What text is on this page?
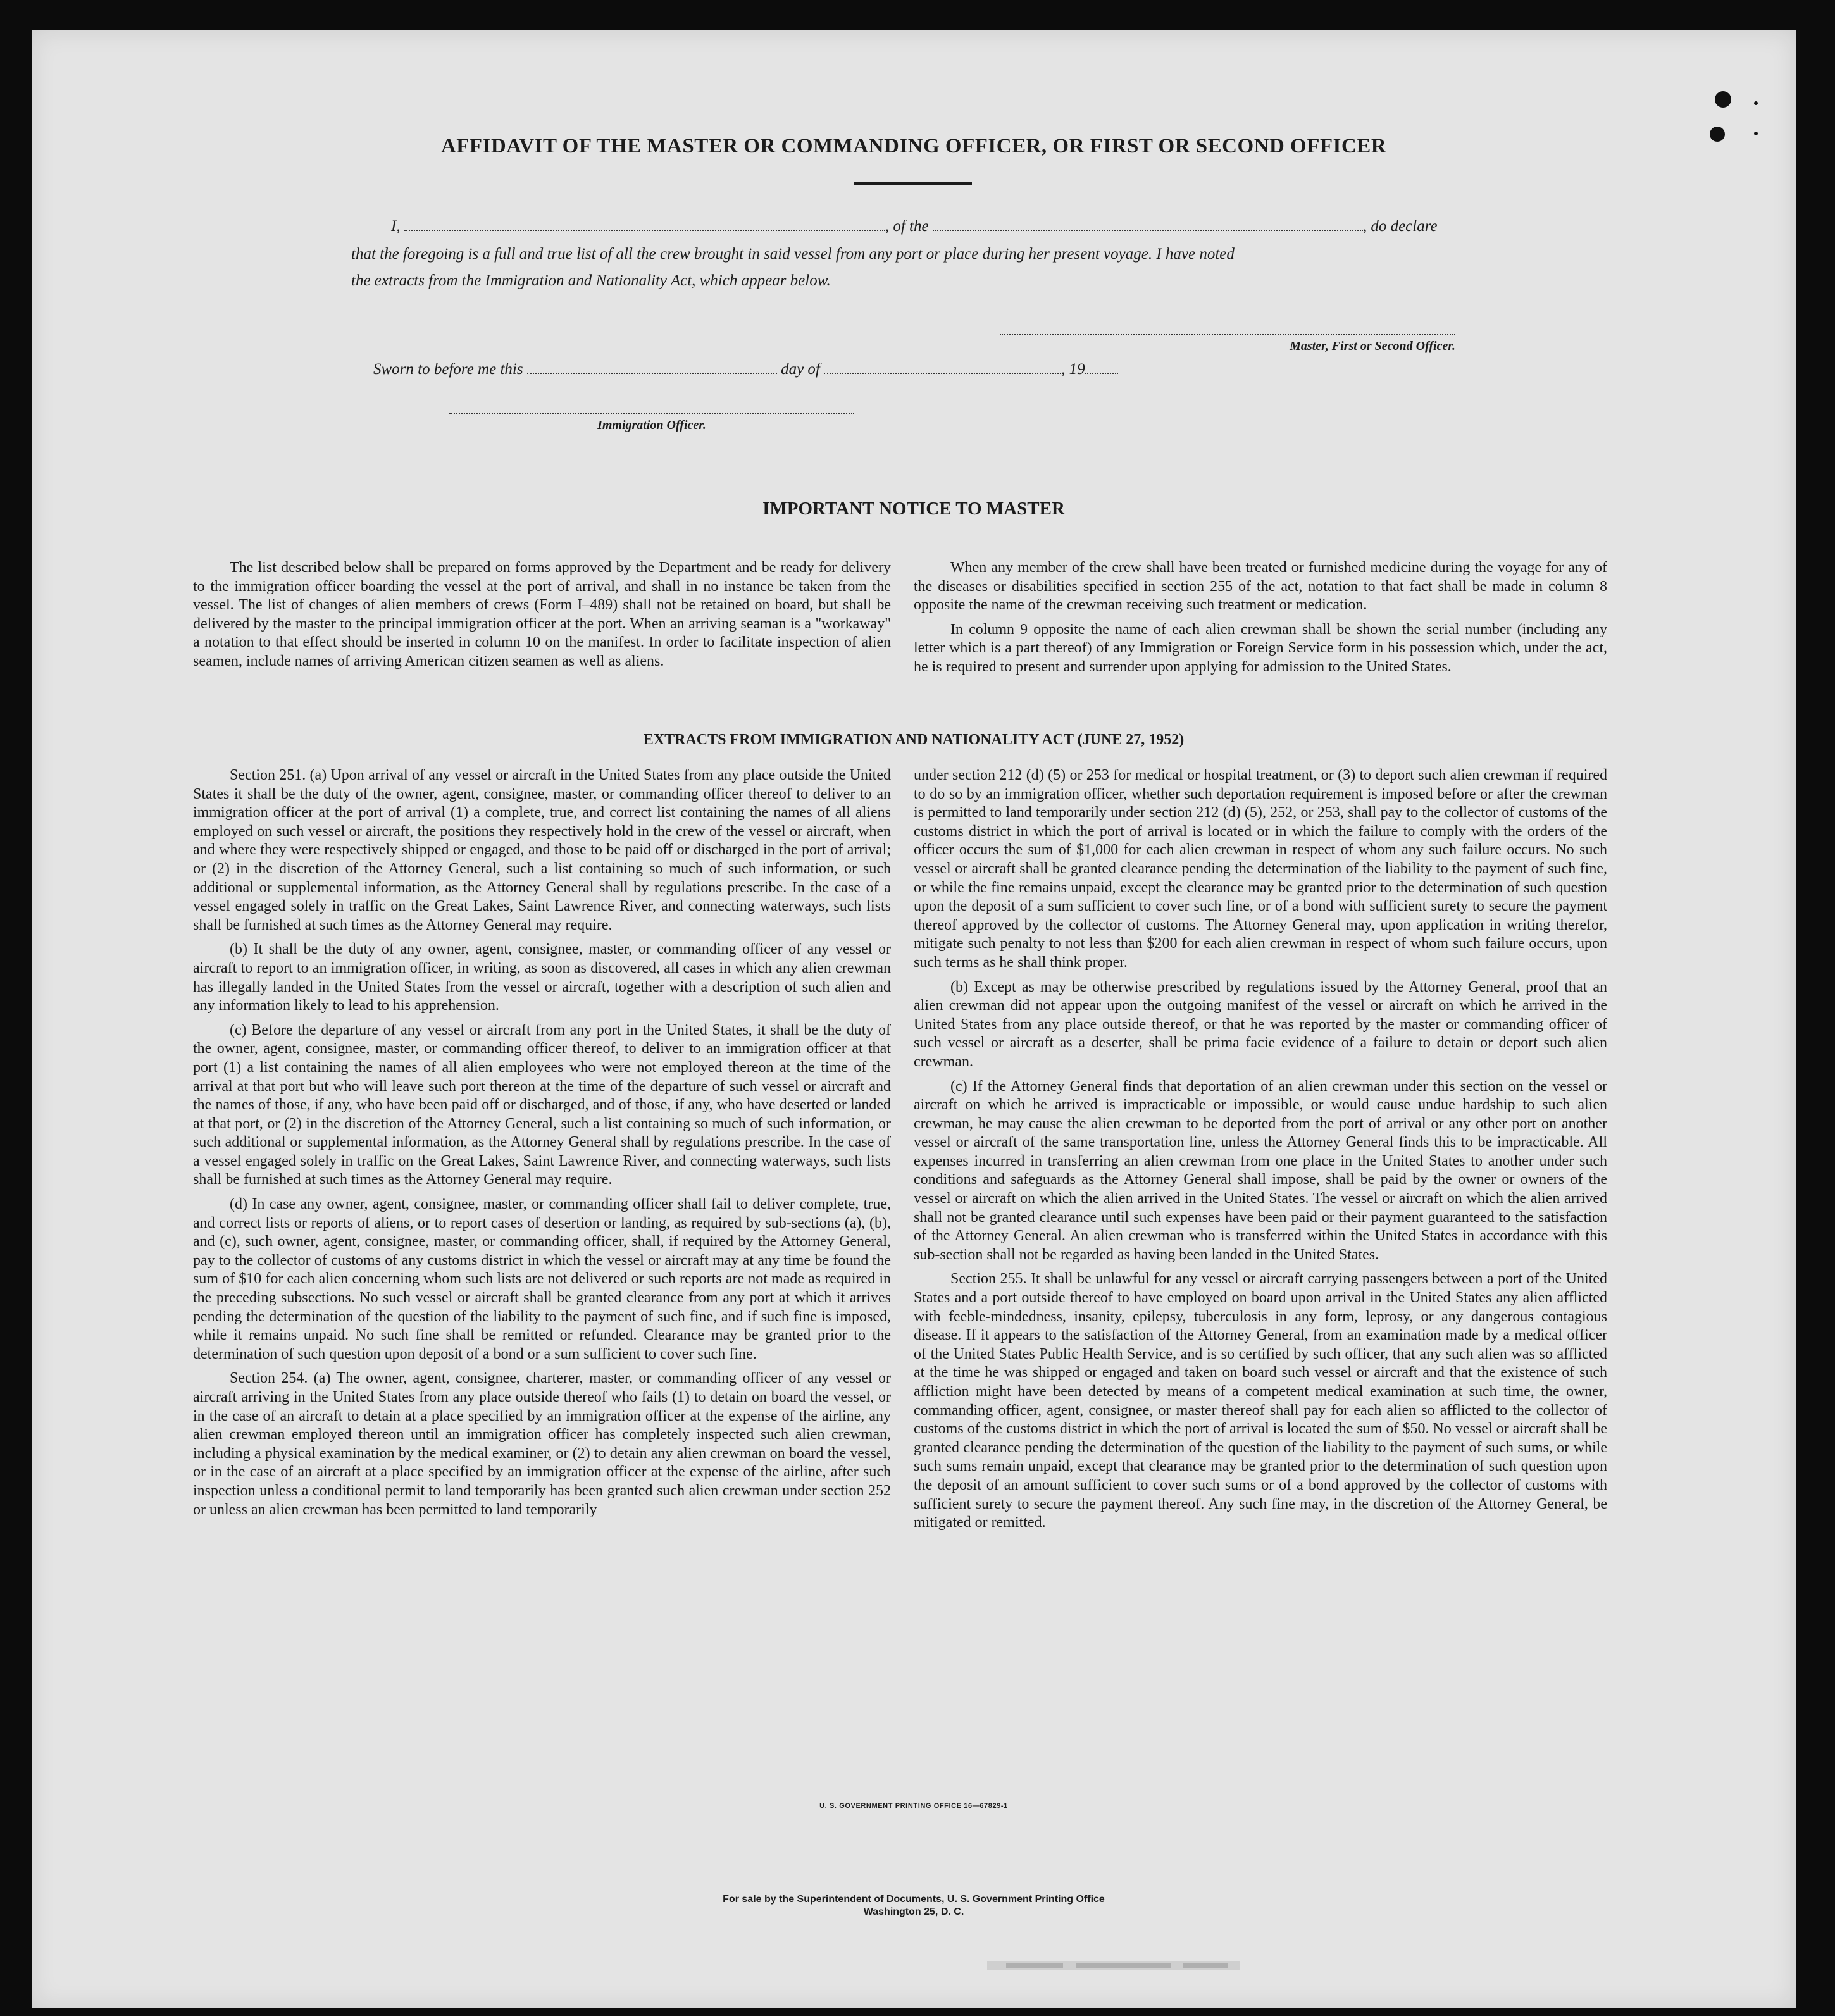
AFFIDAVIT OF THE MASTER OR COMMANDING OFFICER, OR FIRST OR SECOND OFFICER
I,	, of the	, do declare
that the foregoing is a full and true list of all the crew brought in said vessel from any port or place during her present voyage. I have noted
the extracts from the Immigration and Nationality Act, which appear below.
Master, First or Second Officer.
Sworn to before me this	day of	, 19
Immigration Officer.
IMPORTANT NOTICE TO MASTER

The list described below shall be prepared on forms approved by the Department and be ready for delivery to the immigration officer boarding the vessel at the port of arrival, and shall in no instance be taken from the vessel. The list of changes of alien members of crews (Form I–489) shall not be retained on board, but shall be delivered by the master to the principal immigration officer at the port. When an arriving seaman is a "workaway" a notation to that effect should be inserted in column 10 on the manifest. In order to facilitate inspection of alien seamen, include names of arriving American citizen seamen as well as aliens.

When any member of the crew shall have been treated or furnished medicine during the voyage for any of the diseases or disabilities specified in section 255 of the act, notation to that fact shall be made in column 8 opposite the name of the crewman receiving such treatment or medication.

In column 9 opposite the name of each alien crewman shall be shown the serial number (including any letter which is a part thereof) of any Immigration or Foreign Service form in his possession which, under the act, he is required to present and surrender upon applying for admission to the United States.

EXTRACTS FROM IMMIGRATION AND NATIONALITY ACT (JUNE 27, 1952)

Section 251. (a) Upon arrival of any vessel or aircraft in the United States from any place outside the United States it shall be the duty of the owner, agent, consignee, master, or commanding officer thereof to deliver to an immigration officer at the port of arrival (1) a complete, true, and correct list containing the names of all aliens employed on such vessel or aircraft, the positions they respectively hold in the crew of the vessel or aircraft, when and where they were respectively shipped or engaged, and those to be paid off or discharged in the port of arrival; or (2) in the discretion of the Attorney General, such a list containing so much of such information, or such additional or supplemental information, as the Attorney General shall by regulations prescribe. In the case of a vessel engaged solely in traffic on the Great Lakes, Saint Lawrence River, and connecting waterways, such lists shall be furnished at such times as the Attorney General may require.

(b) It shall be the duty of any owner, agent, consignee, master, or commanding officer of any vessel or aircraft to report to an immigration officer, in writing, as soon as discovered, all cases in which any alien crewman has illegally landed in the United States from the vessel or aircraft, together with a description of such alien and any information likely to lead to his apprehension.

(c) Before the departure of any vessel or aircraft from any port in the United States, it shall be the duty of the owner, agent, consignee, master, or commanding officer thereof, to deliver to an immigration officer at that port (1) a list containing the names of all alien employees who were not employed thereon at the time of the arrival at that port but who will leave such port thereon at the time of the departure of such vessel or aircraft and the names of those, if any, who have been paid off or discharged, and of those, if any, who have deserted or landed at that port, or (2) in the discretion of the Attorney General, such a list containing so much of such information, or such additional or supplemental information, as the Attorney General shall by regulations prescribe. In the case of a vessel engaged solely in traffic on the Great Lakes, Saint Lawrence River, and connecting waterways, such lists shall be furnished at such times as the Attorney General may require.

(d) In case any owner, agent, consignee, master, or commanding officer shall fail to deliver complete, true, and correct lists or reports of aliens, or to report cases of desertion or landing, as required by sub-sections (a), (b), and (c), such owner, agent, consignee, master, or commanding officer, shall, if required by the Attorney General, pay to the collector of customs of any customs district in which the vessel or aircraft may at any time be found the sum of $10 for each alien concerning whom such lists are not delivered or such reports are not made as required in the preceding subsections. No such vessel or aircraft shall be granted clearance from any port at which it arrives pending the determination of the question of the liability to the payment of such fine, and if such fine is imposed, while it remains unpaid. No such fine shall be remitted or refunded. Clearance may be granted prior to the determination of such question upon deposit of a bond or a sum sufficient to cover such fine.

Section 254. (a) The owner, agent, consignee, charterer, master, or commanding officer of any vessel or aircraft arriving in the United States from any place outside thereof who fails (1) to detain on board the vessel, or in the case of an aircraft to detain at a place specified by an immigration officer at the expense of the airline, any alien crewman employed thereon until an immigration officer has completely inspected such alien crewman, including a physical examination by the medical examiner, or (2) to detain any alien crewman on board the vessel, or in the case of an aircraft at a place specified by an immigration officer at the expense of the airline, after such inspection unless a conditional permit to land temporarily has been granted such alien crewman under section 252 or unless an alien crewman has been permitted to land temporarily

under section 212 (d) (5) or 253 for medical or hospital treatment, or (3) to deport such alien crewman if required to do so by an immigration officer, whether such deportation requirement is imposed before or after the crewman is permitted to land temporarily under section 212 (d) (5), 252, or 253, shall pay to the collector of customs of the customs district in which the port of arrival is located or in which the failure to comply with the orders of the officer occurs the sum of $1,000 for each alien crewman in respect of whom any such failure occurs. No such vessel or aircraft shall be granted clearance pending the determination of the liability to the payment of such fine, or while the fine remains unpaid, except the clearance may be granted prior to the determination of such question upon the deposit of a sum sufficient to cover such fine, or of a bond with sufficient surety to secure the payment thereof approved by the collector of customs. The Attorney General may, upon application in writing therefor, mitigate such penalty to not less than $200 for each alien crewman in respect of whom such failure occurs, upon such terms as he shall think proper.

(b) Except as may be otherwise prescribed by regulations issued by the Attorney General, proof that an alien crewman did not appear upon the outgoing manifest of the vessel or aircraft on which he arrived in the United States from any place outside thereof, or that he was reported by the master or commanding officer of such vessel or aircraft as a deserter, shall be prima facie evidence of a failure to detain or deport such alien crewman.

(c) If the Attorney General finds that deportation of an alien crewman under this section on the vessel or aircraft on which he arrived is impracticable or impossible, or would cause undue hardship to such alien crewman, he may cause the alien crewman to be deported from the port of arrival or any other port on another vessel or aircraft of the same transportation line, unless the Attorney General finds this to be impracticable. All expenses incurred in transferring an alien crewman from one place in the United States to another under such conditions and safeguards as the Attorney General shall impose, shall be paid by the owner or owners of the vessel or aircraft on which the alien arrived in the United States. The vessel or aircraft on which the alien arrived shall not be granted clearance until such expenses have been paid or their payment guaranteed to the satisfaction of the Attorney General. An alien crewman who is transferred within the United States in accordance with this sub-section shall not be regarded as having been landed in the United States.

Section 255. It shall be unlawful for any vessel or aircraft carrying passengers between a port of the United States and a port outside thereof to have employed on board upon arrival in the United States any alien afflicted with feeble-mindedness, insanity, epilepsy, tuberculosis in any form, leprosy, or any dangerous contagious disease. If it appears to the satisfaction of the Attorney General, from an examination made by a medical officer of the United States Public Health Service, and is so certified by such officer, that any such alien was so afflicted at the time he was shipped or engaged and taken on board such vessel or aircraft and that the existence of such affliction might have been detected by means of a competent medical examination at such time, the owner, commanding officer, agent, consignee, or master thereof shall pay for each alien so afflicted to the collector of customs of the customs district in which the port of arrival is located the sum of $50. No vessel or aircraft shall be granted clearance pending the determination of the question of the liability to the payment of such sums, or while such sums remain unpaid, except that clearance may be granted prior to the determination of such question upon the deposit of an amount sufficient to cover such sums or of a bond approved by the collector of customs with sufficient surety to secure the payment thereof. Any such fine may, in the discretion of the Attorney General, be mitigated or remitted.

U. S. GOVERNMENT PRINTING OFFICE 16—67829-1
For sale by the Superintendent of Documents, U. S. Government Printing Office
Washington 25, D. C.
